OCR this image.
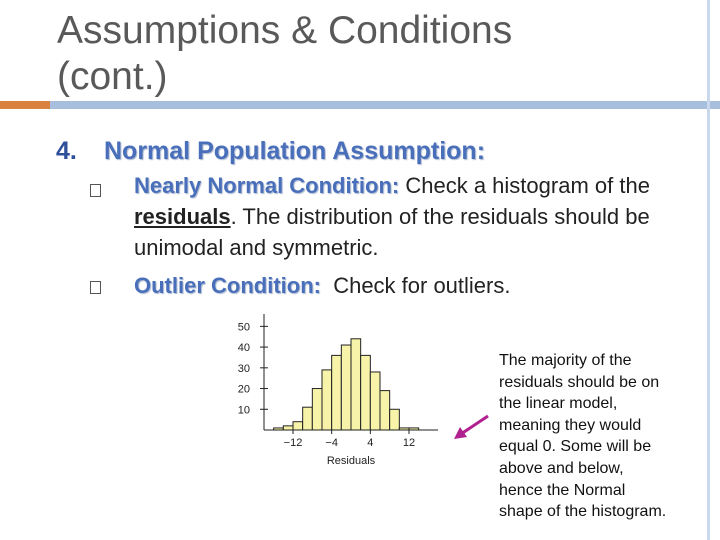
Assumptions & Conditions
(cont.)
4. Normal Population Assumption:
Nearly Normal Condition: Check a histogram of the residuals. The distribution of the residuals should be unimodal and symmetric.
Outlier Condition:  Check for outliers.
50
40
30
20
10
−12 −4	4	12
Residuals
The majority of the
residuals should be on
the linear model,
meaning they would
equal 0. Some will be
above and below,
hence the Normal
shape of the histogram.
